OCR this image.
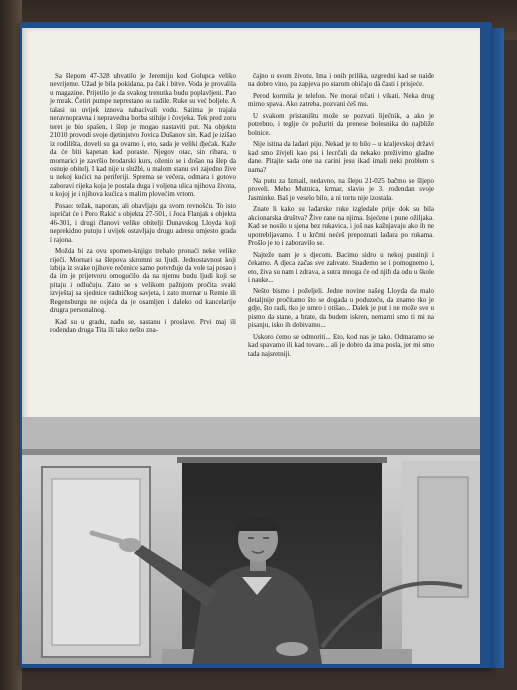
Sa šlepom 47-328 uhvatilo je Jeremiju kod Golupca veliko nevrijeme. Užad je bila pokidana, pa čak i bitve. Voda je provalila u magazine. Prijetilo je da svakog trenutka budu poplavljeni. Pao je mrak. Četiri pumpe neprestano su radile. Ruke su već boljele. A talasi su uvijek iznova nabacivali vodu. Satima je trajala neravnopravna i nepravedna borba stihije i čovjeka. Tek pred zoru teret je bio spašen, i šlep je mogao nastaviti put. Na objektu 21010 provodi svoje djetinjstvo Jovica Dušanov sin. Kad je izišao iz rodilišta, doveli su ga ovamo i, eto, sada je veliki đjećak. Kaže da će biti kapetan kad poraste. Njegov otac, sin ribara, u mornarici je završio brodarski kurs, oženio se i došao na šlep da osnuje obitelj. I kad nije u službi, u malom stanu svi zajedno žive u nekoj kućici na periferiji. Sprema se večera, odmara i gotovo zaboravi rijeka koja je postala duga i voljena ulica njihova života, u kojoj je i njihova kućica s malim plovećim vrtom.

Posao: težak, naporan, ali obavljaju ga svom revnošću. To isto ispričat će i Pero Rakić s objekta 27-501, i Joca Flanjak s objekta 46-301, i drugi članovi velike obitelji Dunavskog Lloyda koji neprekidno putuju i uvijek ostavljaju drugu adresu umjesto grada i rajona.

Možda bi za ovu spomen-knjigu trebalo pronaći neke velike riječi. Mornari sa šlepova skromni su ljudi. Jednostavnost koji izbija iz svake njihove rečenice samo potvrđuje da vole taj posao i da im je prijetvoru omogućilo da na njemu budu ljudi koji se pitaju i odlučuju. Zato se s velikom pažnjom pročita svaki izvještaj sa sjednice radničkog savjeta, i zato mornar u Remie ili Regensburgu ne osjeća da je osamljen i daleko od kancelarije drugra personalnog.

Kad su u gradu, nađu se, sastanu i proslave. Prvi maj ili rođendan druga Tita ili tako nešto zna-

čajno u svom životu. Ima i onih prilika, uzgredni kad se naiđe na dobro vino, pa zapjeva po starom običaju dà časti i prisjeće.

Perod kormila je telefon. Ne morai trčati i vikati. Neka drug mirno spava. Ako zatreba, pozvani ćeš mu.

U svakom pristaništu može se pozvati liječnik, a ako je potrebno, i teglje će požuriti da prenese bolesnika do najbliže bolnice.

Nije istina da lađari piju. Nekad je to bilo – u kraljevskoj državi kad smo živjeli kao psi i lecrčali da nekako preživimo glađne dane. Pitajte sada one na carini jesu ikad imali neki problem s nama?

Na putu za Izmail, nedavno, na šlepu 21-025 bačmo se šljepo proveli. Meho Mutnica, krmar, slavio je 3. rođendan svoje Jasminke. Baš je veselo bilo, a ni tortu nije izostala.

Znate li kako su lađarske ruke izgledale prije dok su bila akcionarska društva? Žive rane na njima. Isjećene i pune ožiljaka. Kad se nosilo u sjena bez rukavica, i još nas kažnjavaju ako ih ne upotrebljavamo. I u krčmi nećeš prepoznati lađara po rukama. Prošlo je to i zaboravilo se.

Najteže nam je s djecom. Bacimo sidro u nekoj pustinji i čekamo. A djeca začas sve zahvate. Snađemo se i pomognemo i, eto, živa su nam i zdrava, a sutra mnoga će od njih da odu u škole i nauke...

Nešto bismo i poželjeli. Jedne novine našeg Lloyda da malo detaljnije pročitamo što se događa u poduzeću, da znamo tko je gdje, što radi, tko je umro i otišao... Dalek je put i ne može sve u pismo da stane, a brate, da budem iskren, nemarni smo ti mi na pisanju, isko ih dobivamo...

Uskoro ćemo se odmoriti... Eto, kod nas je tako. Odmaramo se kad spavamo ili kad tovare... ali je dobro da ima posla, jer mi smo tada najsretniji.
